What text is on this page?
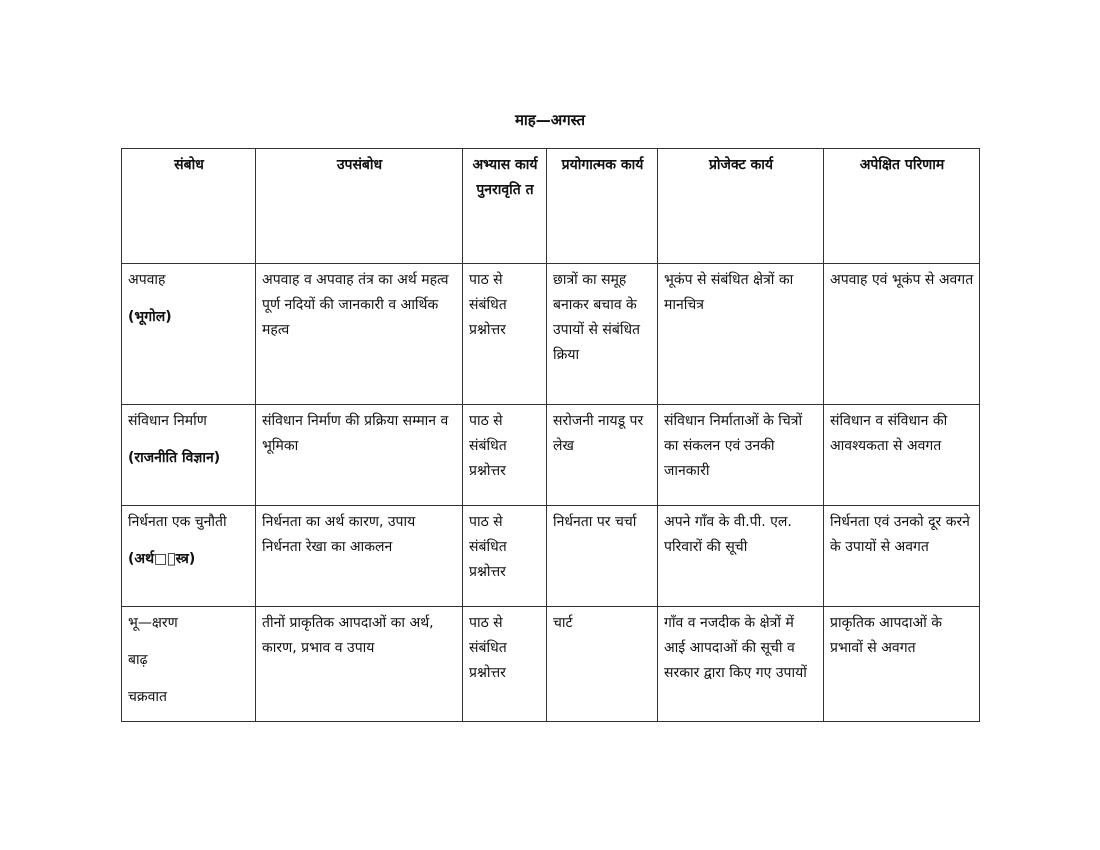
माह—अगस्त
संबोध	उपसंबोध	अभ्यास कार्य पुनरावृति त	प्रयोगात्मक कार्य	प्रोजेक्ट कार्य	अपेक्षित परिणाम

अपवाह
(भूगोल)	अपवाह व अपवाह तंत्र का अर्थ महत्व पूर्ण नदियों की जानकारी व आर्थिक महत्व	पाठ से संबंधित प्रश्नोत्तर	छात्रों का समूह बनाकर बचाव के उपायों से संबंधित क्रिया	भूकंप से संबंधित क्षेत्रों का मानचित्र	अपवाह एवं भूकंप से अवगत

संविधान निर्माण
(राजनीति विज्ञान)	संविधान निर्माण की प्रक्रिया सम्मान व भूमिका	पाठ से संबंधित प्रश्नोत्तर	सरोजनी नायडू पर लेख	संविधान निर्माताओं के चित्रों का संकलन एवं उनकी जानकारी	संविधान व संविधान की आवश्यकता से अवगत

निर्धनता एक चुनौती
(अर्थ□ास्त्र)	निर्धनता का अर्थ कारण, उपाय निर्धनता रेखा का आकलन	पाठ से संबंधित प्रश्नोत्तर	निर्धनता पर चर्चा	अपने गाँव के वी.पी. एल. परिवारों की सूची	निर्धनता एवं उनको दूर करने के उपायों से अवगत

भू—क्षरण
बाढ़
चक्रवात	तीनों प्राकृतिक आपदाओं का अर्थ, कारण, प्रभाव व उपाय	पाठ से संबंधित प्रश्नोत्तर	चार्ट	गाँव व नजदीक के क्षेत्रों में आई आपदाओं की सूची व सरकार द्वारा किए गए उपायों	प्राकृतिक आपदाओं के प्रभावों से अवगत
